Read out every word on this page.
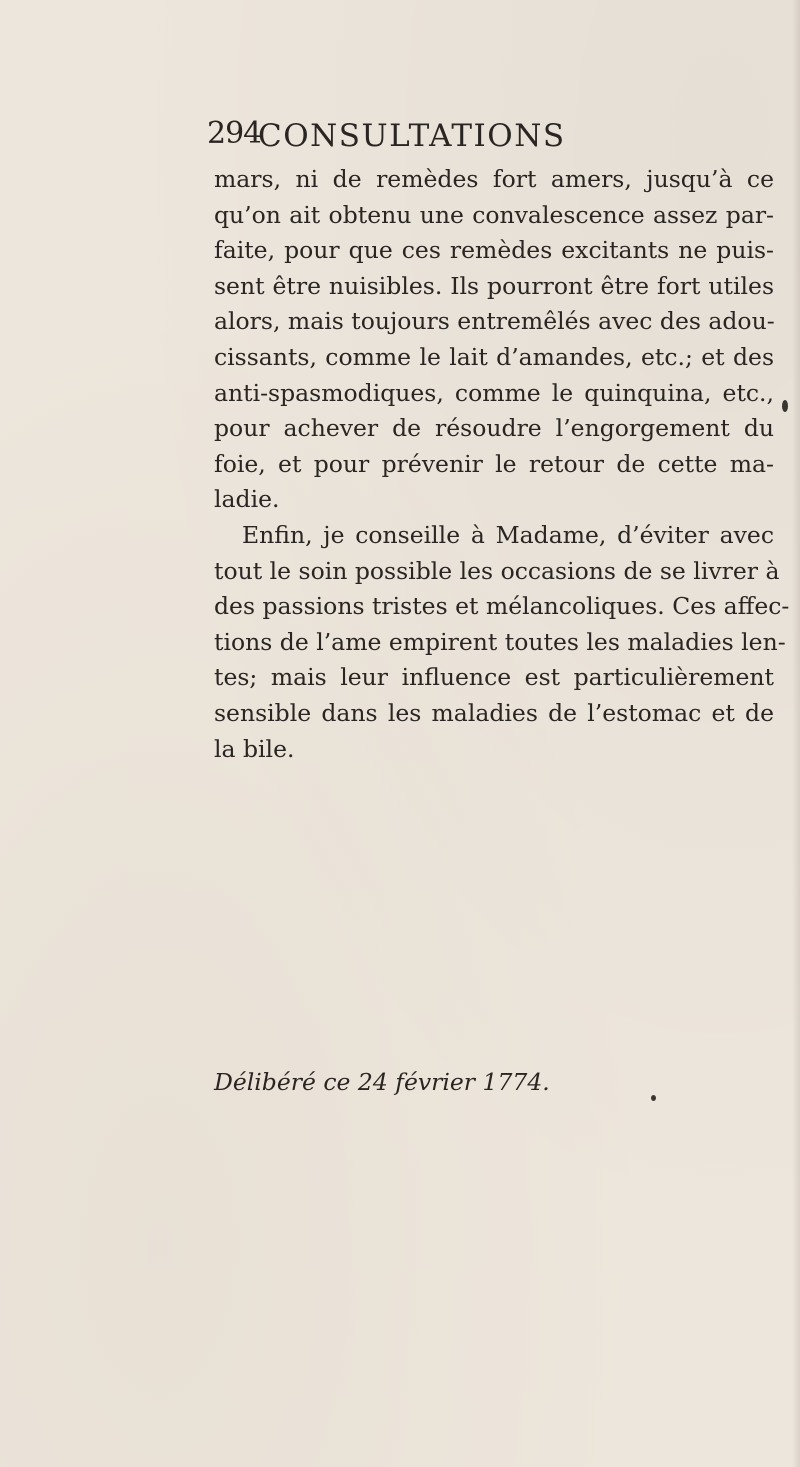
294
CONSULTATIONS
mars, ni de remèdes fort amers, jusqu’à ce
qu’on ait obtenu une convalescence assez par-
faite, pour que ces remèdes excitants ne puis-
sent être nuisibles. Ils pourront être fort utiles
alors, mais toujours entremêlés avec des adou-
cissants, comme le lait d’amandes, etc.; et des
anti-spasmodiques, comme le quinquina, etc.,
pour achever de résoudre l’engorgement du
foie, et pour prévenir le retour de cette ma-
ladie.
Enfin, je conseille à Madame, d’éviter avec
tout le soin possible les occasions de se livrer à
des passions tristes et mélancoliques. Ces affec-
tions de l’ame empirent toutes les maladies len-
tes; mais leur influence est particulièrement
sensible dans les maladies de l’estomac et de
la bile.
Délibéré ce 24 février 1774.
